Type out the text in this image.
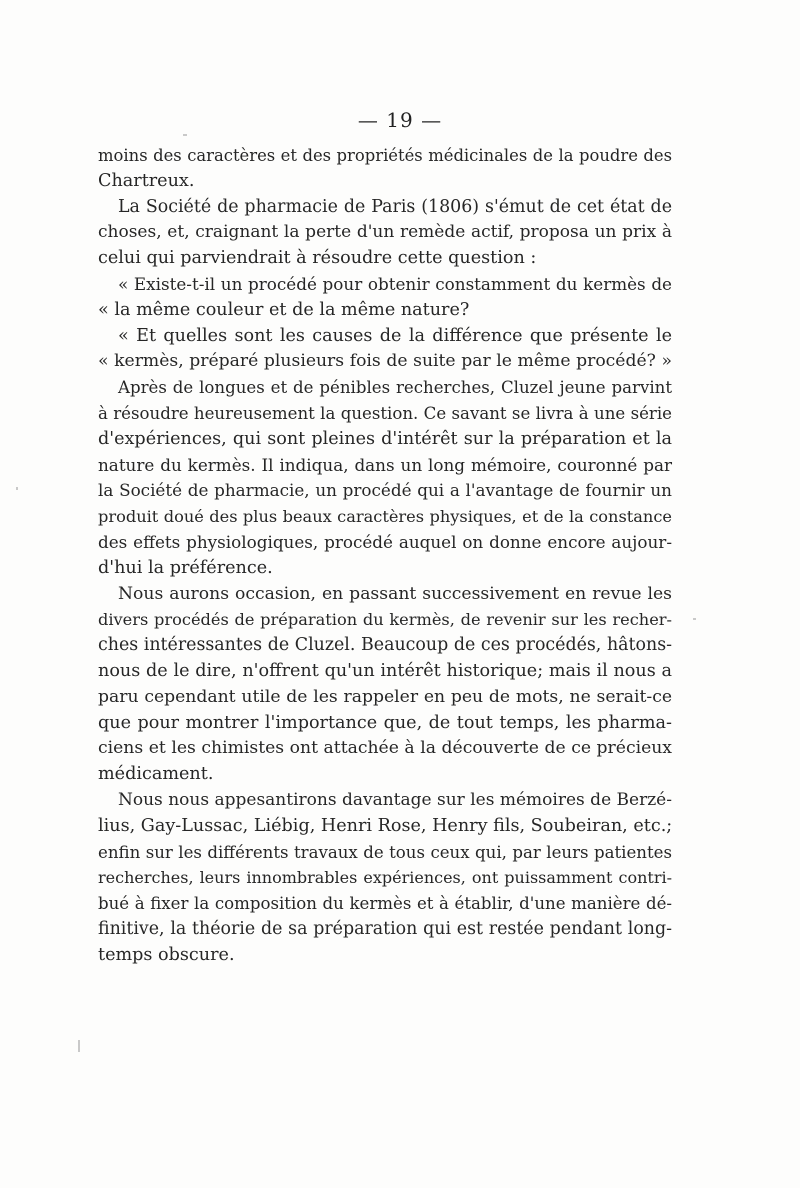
— 19 —
moins des caractères et des propriétés médicinales de la poudre des
Chartreux.
La Société de pharmacie de Paris (1806) s'émut de cet état de
choses, et, craignant la perte d'un remède actif, proposa un prix à
celui qui parviendrait à résoudre cette question :
« Existe-t-il un procédé pour obtenir constamment du kermès de
« la même couleur et de la même nature?
« Et quelles sont les causes de la différence que présente le
« kermès, préparé plusieurs fois de suite par le même procédé? »
Après de longues et de pénibles recherches, Cluzel jeune parvint
à résoudre heureusement la question. Ce savant se livra à une série
d'expériences, qui sont pleines d'intérêt sur la préparation et la
nature du kermès. Il indiqua, dans un long mémoire, couronné par
la Société de pharmacie, un procédé qui a l'avantage de fournir un
produit doué des plus beaux caractères physiques, et de la constance
des effets physiologiques, procédé auquel on donne encore aujour-
d'hui la préférence.
Nous aurons occasion, en passant successivement en revue les
divers procédés de préparation du kermès, de revenir sur les recher-
ches intéressantes de Cluzel. Beaucoup de ces procédés, hâtons-
nous de le dire, n'offrent qu'un intérêt historique; mais il nous a
paru cependant utile de les rappeler en peu de mots, ne serait-ce
que pour montrer l'importance que, de tout temps, les pharma-
ciens et les chimistes ont attachée à la découverte de ce précieux
médicament.
Nous nous appesantirons davantage sur les mémoires de Berzé-
lius, Gay-Lussac, Liébig, Henri Rose, Henry fils, Soubeiran, etc.;
enfin sur les différents travaux de tous ceux qui, par leurs patientes
recherches, leurs innombrables expériences, ont puissamment contri-
bué à fixer la composition du kermès et à établir, d'une manière dé-
finitive, la théorie de sa préparation qui est restée pendant long-
temps obscure.
